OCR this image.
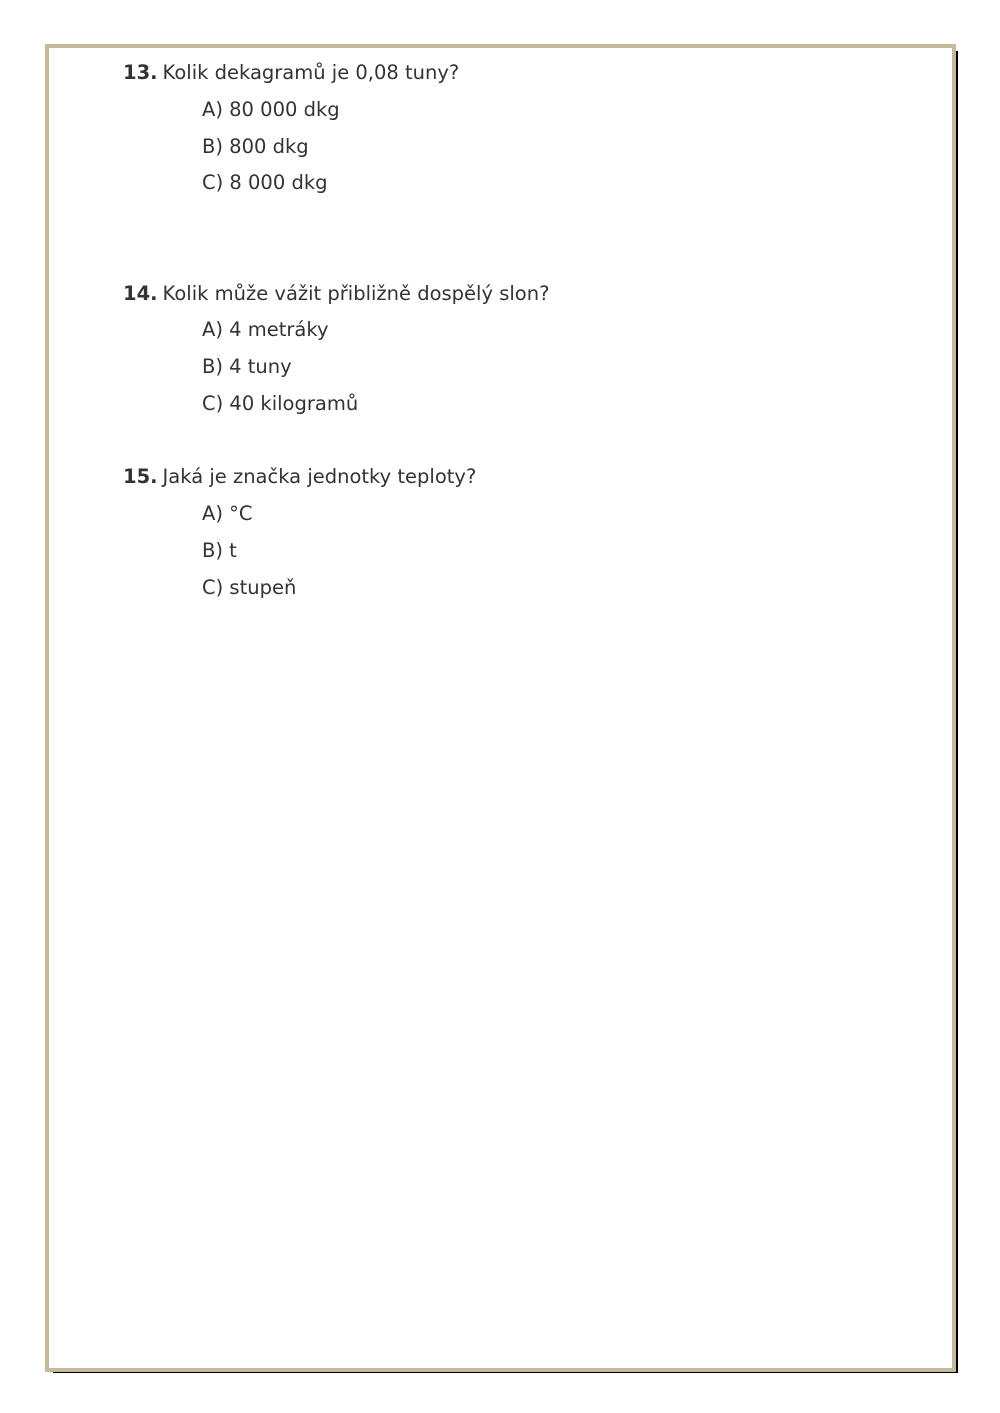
13. Kolik dekagramů je 0,08 tuny?
A) 80 000 dkg
B) 800 dkg
C) 8 000 dkg
14. Kolik může vážit přibližně dospělý slon?
A) 4 metráky
B) 4 tuny
C) 40 kilogramů
15. Jaká je značka jednotky teploty?
A) °C
B) t
C) stupeň
